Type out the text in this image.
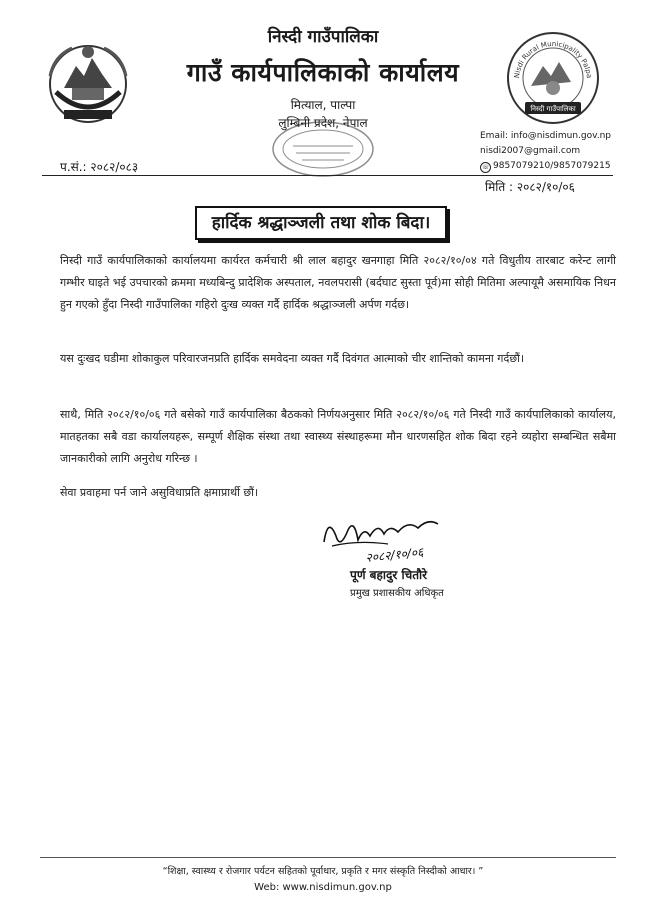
निस्दी गाउँपालिका
गाउँ कार्यपालिकाको कार्यालय
मित्याल, पाल्पा
लुम्बिनी प्रदेश, नेपाल
Nisdi Rural Municipality Palpa
निस्दी गाउँपालिका
Email: info@nisdimun.gov.np
nisdi2007@gmail.com
☏ 9857079210/9857079215
प.सं.: २०८२/०८३
मिति : २०८२/१०/०६
हार्दिक श्रद्धाञ्जली तथा शोक बिदा।
निस्दी गाउँ कार्यपालिकाको कार्यालयमा कार्यरत कर्मचारी श्री लाल बहादुर खनगाहा मिति २०८२/१०/०४ गते विधुतीय तारबाट करेन्ट लागी गम्भीर घाइते भई उपचारको क्रममा मध्यबिन्दु प्रादेशिक अस्पताल, नवलपरासी (बर्दघाट सुस्ता पूर्व)मा सोही मितिमा अल्पायूमै असमायिक निधन हुन गएको हुँदा निस्दी गाउँपालिका गहिरो दुःख व्यक्त गर्दै हार्दिक श्रद्धाञ्जली अर्पण गर्दछ।
यस दुःखद घडीमा शोकाकुल परिवारजनप्रति हार्दिक समवेदना व्यक्त गर्दै दिवंगत आत्माको चीर शान्तिको कामना गर्दछौं।
साथै, मिति २०८२/१०/०६ गते बसेको गाउँ कार्यपालिका बैठकको निर्णयअनुसार मिति २०८२/१०/०६ गते निस्दी गाउँ कार्यपालिकाको कार्यालय, मातहतका सबै वडा कार्यालयहरू, सम्पूर्ण शैक्षिक संस्था तथा स्वास्थ्य संस्थाहरूमा मौन धारणसहित शोक बिदा रहने व्यहोरा सम्बन्धित सबैमा जानकारीको लागि अनुरोध गरिन्छ ।
सेवा प्रवाहमा पर्न जाने असुविधाप्रति क्षमाप्रार्थी छौं।
२०८२/१०/०६
पूर्ण बहादुर चितौरे
प्रमुख प्रशासकीय अधिकृत
“शिक्षा, स्वास्थ्य र रोजगार पर्यटन सहितको पूर्वाधार, प्रकृति र मगर संस्कृति निस्दीको आधार। ”
Web: www.nisdimun.gov.np
